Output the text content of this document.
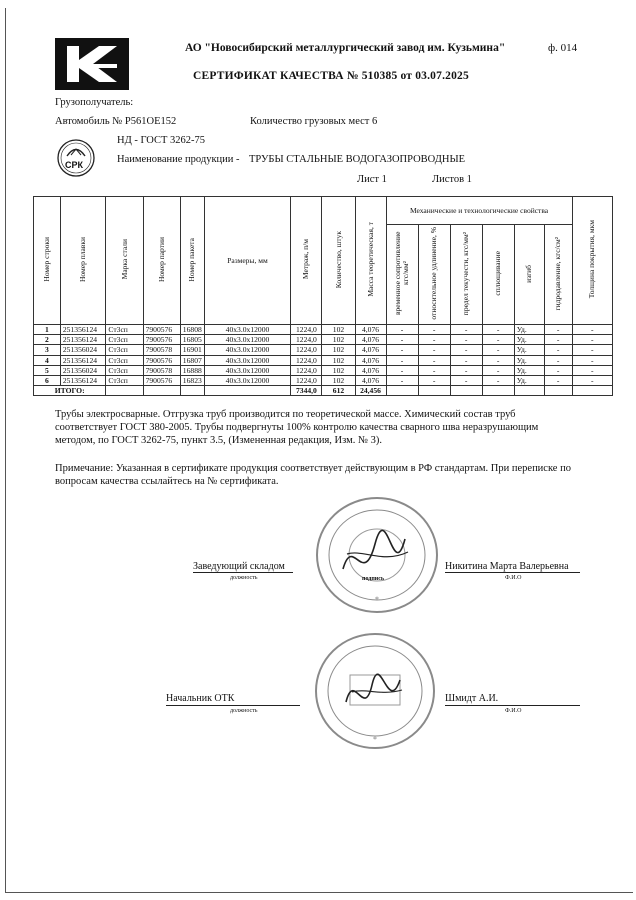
АО "Новосибирский металлургический завод им. Кузьмина"	ф. 014
СЕРТИФИКАТ КАЧЕСТВА № 510385 от 03.07.2025
Грузополучатель:
Автомобиль № Р561ОЕ152	Количество грузовых мест 6
НД - ГОСТ 3262-75
Наименование продукции - ТРУБЫ СТАЛЬНЫЕ ВОДОГАЗОПРОВОДНЫЕ
Лист 1	Листов 1
СРК
Номер строки	Номер плавки	Марка стали	Номер партии	Номер пакета	Размеры, мм	Метраж, п/м	Количество, штук	Масса теоретическая, т	Механические и технологические свойства						Толщина покрытия, мкм
									временное сопротивление кгс/мм²	относительное удлинение, %	предел текучести, кгс/мм²	сплющивание	изгиб	гидродавление, кгс/см²	
1	251356124	Ст3сп	7900576	16808	40х3.0х12000	1224,0	102	4,076	-	-	-	-	Уд.	-	-
2	251356124	Ст3сп	7900576	16805	40х3.0х12000	1224,0	102	4,076	-	-	-	-	Уд.	-	-
3	251356024	Ст3сп	7900578	16901	40х3.0х12000	1224,0	102	4,076	-	-	-	-	Уд.	-	-
4	251356124	Ст3сп	7900576	16807	40х3.0х12000	1224,0	102	4,076	-	-	-	-	Уд.	-	-
5	251356024	Ст3сп	7900578	16888	40х3.0х12000	1224,0	102	4,076	-	-	-	-	Уд.	-	-
6	251356124	Ст3сп	7900576	16823	40х3.0х12000	1224,0	102	4,076	-	-	-	-	Уд.	-	-
ИТОГО:						7344,0	612	24,456							
Трубы электросварные. Отгрузка труб производится по теоретической массе. Химический состав труб соответствует ГОСТ 380-2005. Трубы подвергнуты 100% контролю качества сварного шва неразрушающим методом, по ГОСТ 3262-75, пункт 3.5, (Измененная редакция, Изм. № 3).
Примечание: Указанная в сертификате продукция соответствует действующим в РФ стандартам. При переписке по вопросам качества ссылайтесь на № сертификата.
*
подпись
Заведующий складом
должность
Никитина Марта Валерьевна
Ф.И.О
*
Начальник ОТК
должность
Шмидт А.И.
Ф.И.О
